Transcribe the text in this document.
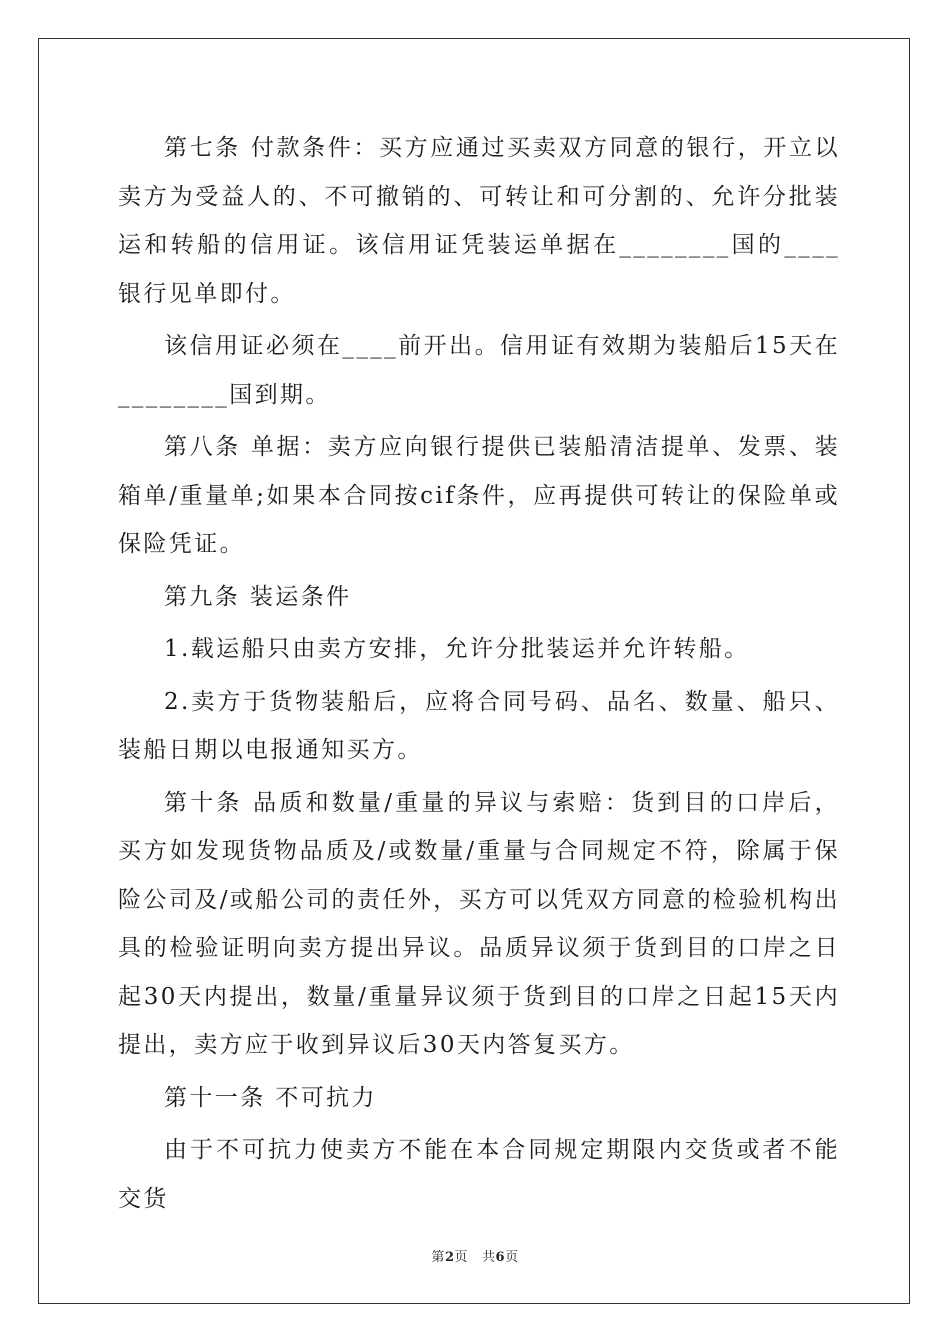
第七条 付款条件：买方应通过买卖双方同意的银行，开立以卖方为受益人的、不可撤销的、可转让和可分割的、允许分批装运和转船的信用证。该信用证凭装运单据在________国的____ 银行见单即付。

该信用证必须在____前开出。信用证有效期为装船后15天在________国到期。

第八条 单据：卖方应向银行提供已装船清洁提单、发票、装箱单/重量单;如果本合同按cif条件，应再提供可转让的保险单或保险凭证。

第九条 装运条件

1.载运船只由卖方安排，允许分批装运并允许转船。

2.卖方于货物装船后，应将合同号码、品名、数量、船只、装船日期以电报通知买方。

第十条 品质和数量/重量的异议与索赔：货到目的口岸后，买方如发现货物品质及/或数量/重量与合同规定不符，除属于保险公司及/或船公司的责任外，买方可以凭双方同意的检验机构出具的检验证明向卖方提出异议。品质异议须于货到目的口岸之日起30天内提出，数量/重量异议须于货到目的口岸之日起15天内提出，卖方应于收到异议后30天内答复买方。

第十一条 不可抗力

由于不可抗力使卖方不能在本合同规定期限内交货或者不能交货

第2页 共6页
